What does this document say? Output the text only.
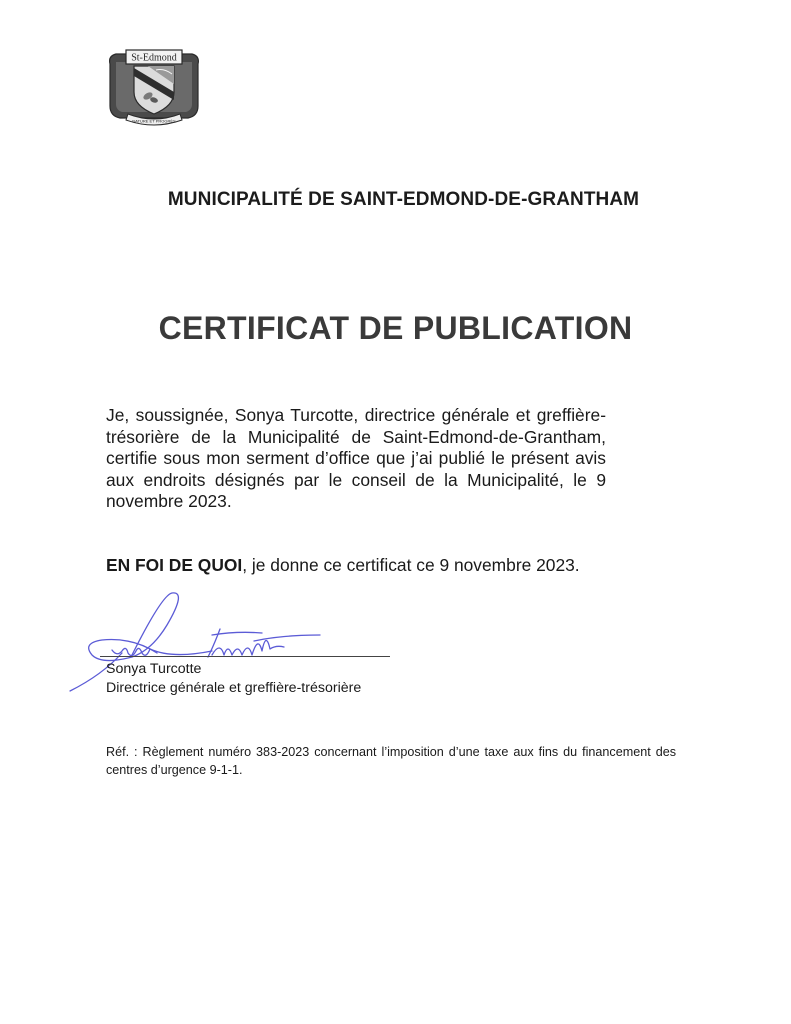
St-Edmond
NATURE ET PROGRÈS
MUNICIPALITÉ DE SAINT-EDMOND-DE-GRANTHAM
CERTIFICAT DE PUBLICATION
Je, soussignée, Sonya Turcotte, directrice générale et greffière-trésorière de la Municipalité de Saint-Edmond-de-Grantham, certifie sous mon serment d’office que j’ai publié le présent avis aux endroits désignés par le conseil de la Municipalité, le 9 novembre 2023.
EN FOI DE QUOI, je donne ce certificat ce 9 novembre 2023.
Sonya Turcotte
Directrice générale et greffière-trésorière
Réf. : Règlement numéro 383-2023 concernant l’imposition d’une taxe aux fins du financement des centres d’urgence 9-1-1.
